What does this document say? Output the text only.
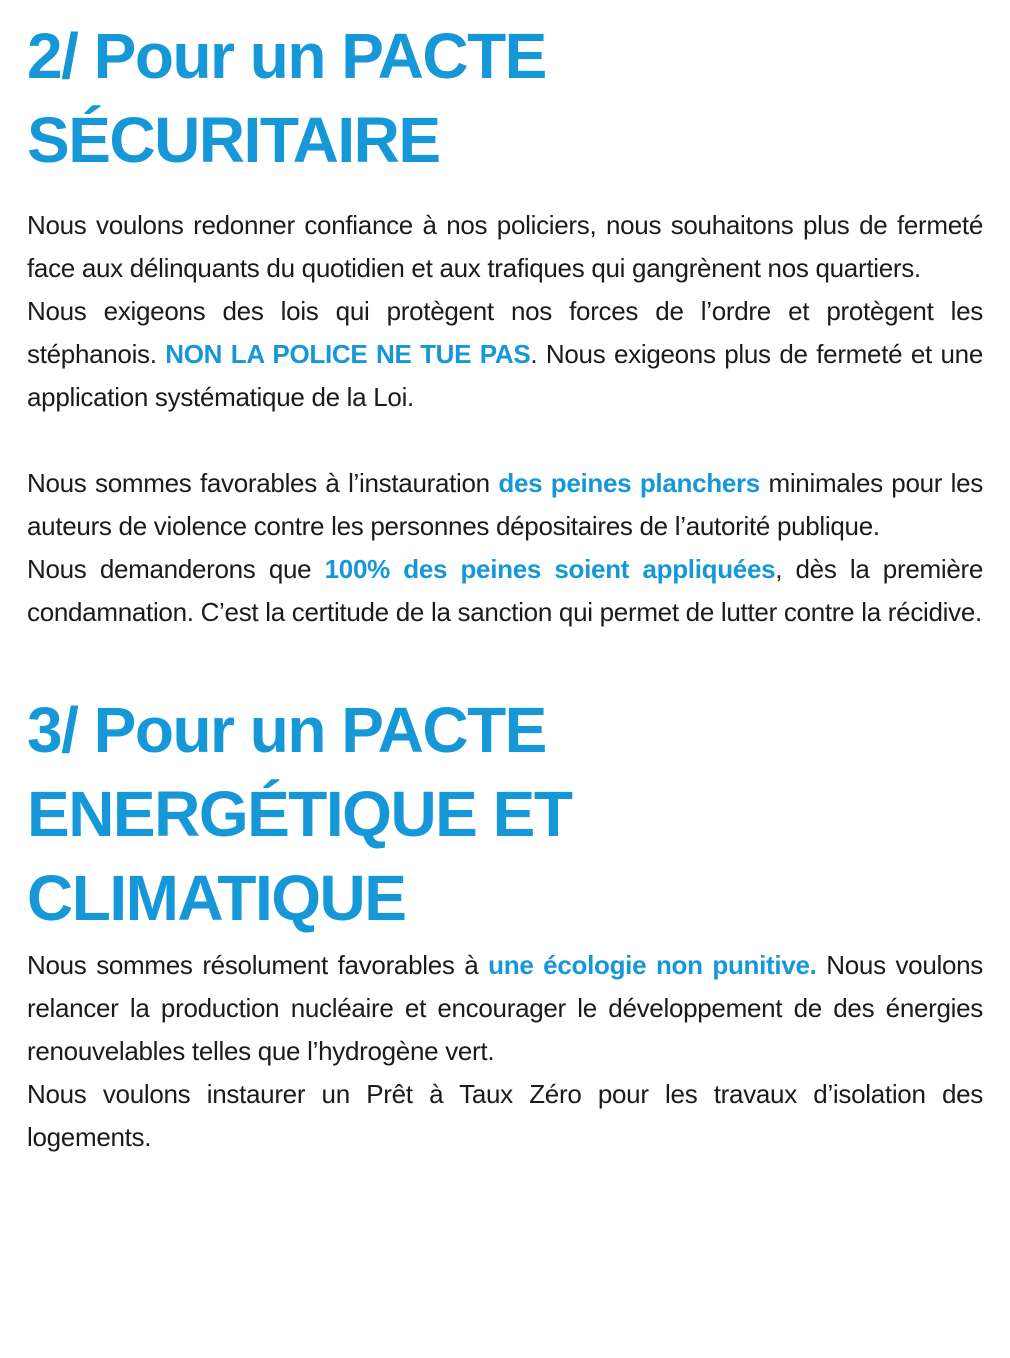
2/ Pour un PACTE
SÉCURITAIRE

Nous voulons redonner confiance à nos policiers, nous souhaitons plus de fermeté face aux délinquants du quotidien et aux trafiques qui gangrènent nos quartiers.

Nous exigeons des lois qui protègent nos forces de l’ordre et protègent les stéphanois. NON LA POLICE NE TUE PAS. Nous exigeons plus de fermeté et une application systématique de la Loi.

Nous sommes favorables à l’instauration des peines planchers minimales pour les auteurs de violence contre les personnes dépositaires de l’autorité publique.

Nous demanderons que 100% des peines soient appliquées, dès la première condamnation. C’est la certitude de la sanction qui permet de lutter contre la récidive.

3/ Pour un PACTE
ENERGÉTIQUE ET
CLIMATIQUE

Nous sommes résolument favorables à une écologie non punitive. Nous voulons relancer la production nucléaire et encourager le développement de des énergies renouvelables telles que l’hydrogène vert.

Nous voulons instaurer un Prêt à Taux Zéro pour les travaux d’isolation des logements.
